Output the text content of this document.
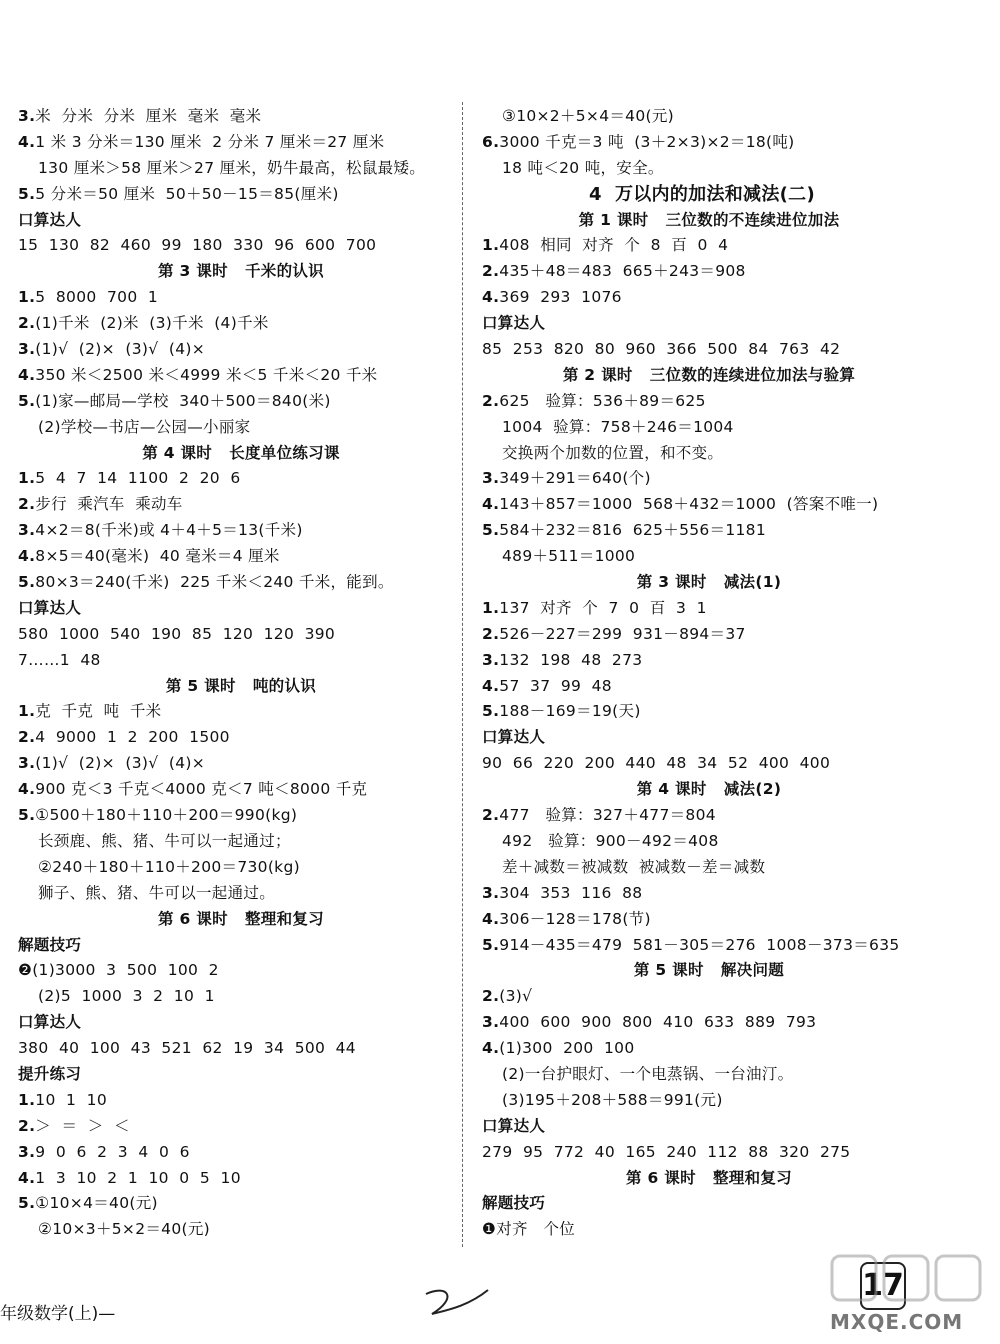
3.米  分米  分米  厘米  毫米  毫米
4.1 米 3 分米＝130 厘米  2 分米 7 厘米＝27 厘米
130 厘米＞58 厘米＞27 厘米，奶牛最高，松鼠最矮。
5.5 分米＝50 厘米  50＋50－15＝85(厘米)
口算达人
15  130  82  460  99  180  330  96  600  700
第 3 课时   千米的认识
1.5  8000  700  1
2.(1)千米  (2)米  (3)千米  (4)千米
3.(1)√  (2)×  (3)√  (4)×
4.350 米＜2500 米＜4999 米＜5 千米＜20 千米
5.(1)家—邮局—学校  340＋500＝840(米)
(2)学校—书店—公园—小丽家
第 4 课时   长度单位练习课
1.5  4  7  14  1100  2  20  6
2.步行  乘汽车  乘动车
3.4×2＝8(千米)或 4＋4＋5＝13(千米)
4.8×5＝40(毫米)  40 毫米＝4 厘米
5.80×3＝240(千米)  225 千米＜240 千米，能到。
口算达人
580  1000  540  190  85  120  120  390
7……1  48
第 5 课时   吨的认识
1.克  千克  吨  千米
2.4  9000  1  2  200  1500
3.(1)√  (2)×  (3)√  (4)×
4.900 克＜3 千克＜4000 克＜7 吨＜8000 千克
5.①500＋180＋110＋200＝990(kg)
长颈鹿、熊、猪、牛可以一起通过；
②240＋180＋110＋200＝730(kg)
狮子、熊、猪、牛可以一起通过。
第 6 课时   整理和复习
解题技巧
❷(1)3000  3  500  100  2
(2)5  1000  3  2  10  1
口算达人
380  40  100  43  521  62  19  34  500  44
提升练习
1.10  1  10
2.＞  ＝  ＞  ＜
3.9  0  6  2  3  4  0  6
4.1  3  10  2  1  10  0  5  10
5.①10×4＝40(元)
②10×3＋5×2＝40(元)
③10×2＋5×4＝40(元)
6.3000 千克＝3 吨  (3＋2×3)×2＝18(吨)
18 吨＜20 吨，安全。
4  万以内的加法和减法(二)
第 1 课时   三位数的不连续进位加法
1.408  相同  对齐  个  8  百  0  4
2.435＋48＝483  665＋243＝908
4.369  293  1076
口算达人
85  253  820  80  960  366  500  84  763  42
第 2 课时   三位数的连续进位加法与验算
2.625   验算：536＋89＝625
1004  验算：758＋246＝1004
交换两个加数的位置，和不变。
3.349＋291＝640(个)
4.143＋857＝1000  568＋432＝1000  (答案不唯一)
5.584＋232＝816  625＋556＝1181
489＋511＝1000
第 3 课时   减法(1)
1.137  对齐  个  7  0  百  3  1
2.526－227＝299  931－894＝37
3.132  198  48  273
4.57  37  99  48
5.188－169＝19(天)
口算达人
90  66  220  200  440  48  34  52  400  400
第 4 课时   减法(2)
2.477   验算：327＋477＝804
492   验算：900－492＝408
差＋减数＝被减数  被减数－差＝减数
3.304  353  116  88
4.306－128＝178(节)
5.914－435＝479  581－305＝276  1008－373＝635
第 5 课时   解决问题
2.(3)√
3.400  600  900  800  410  633  889  793
4.(1)300  200  100
(2)一台护眼灯、一个电蒸锅、一台油汀。
(3)195＋208＋588＝991(元)
口算达人
279  95  772  40  165  240  112  88  320  275
第 6 课时   整理和复习
解题技巧
❶对齐   个位
年级数学(上)—
17
MXQE.COM
